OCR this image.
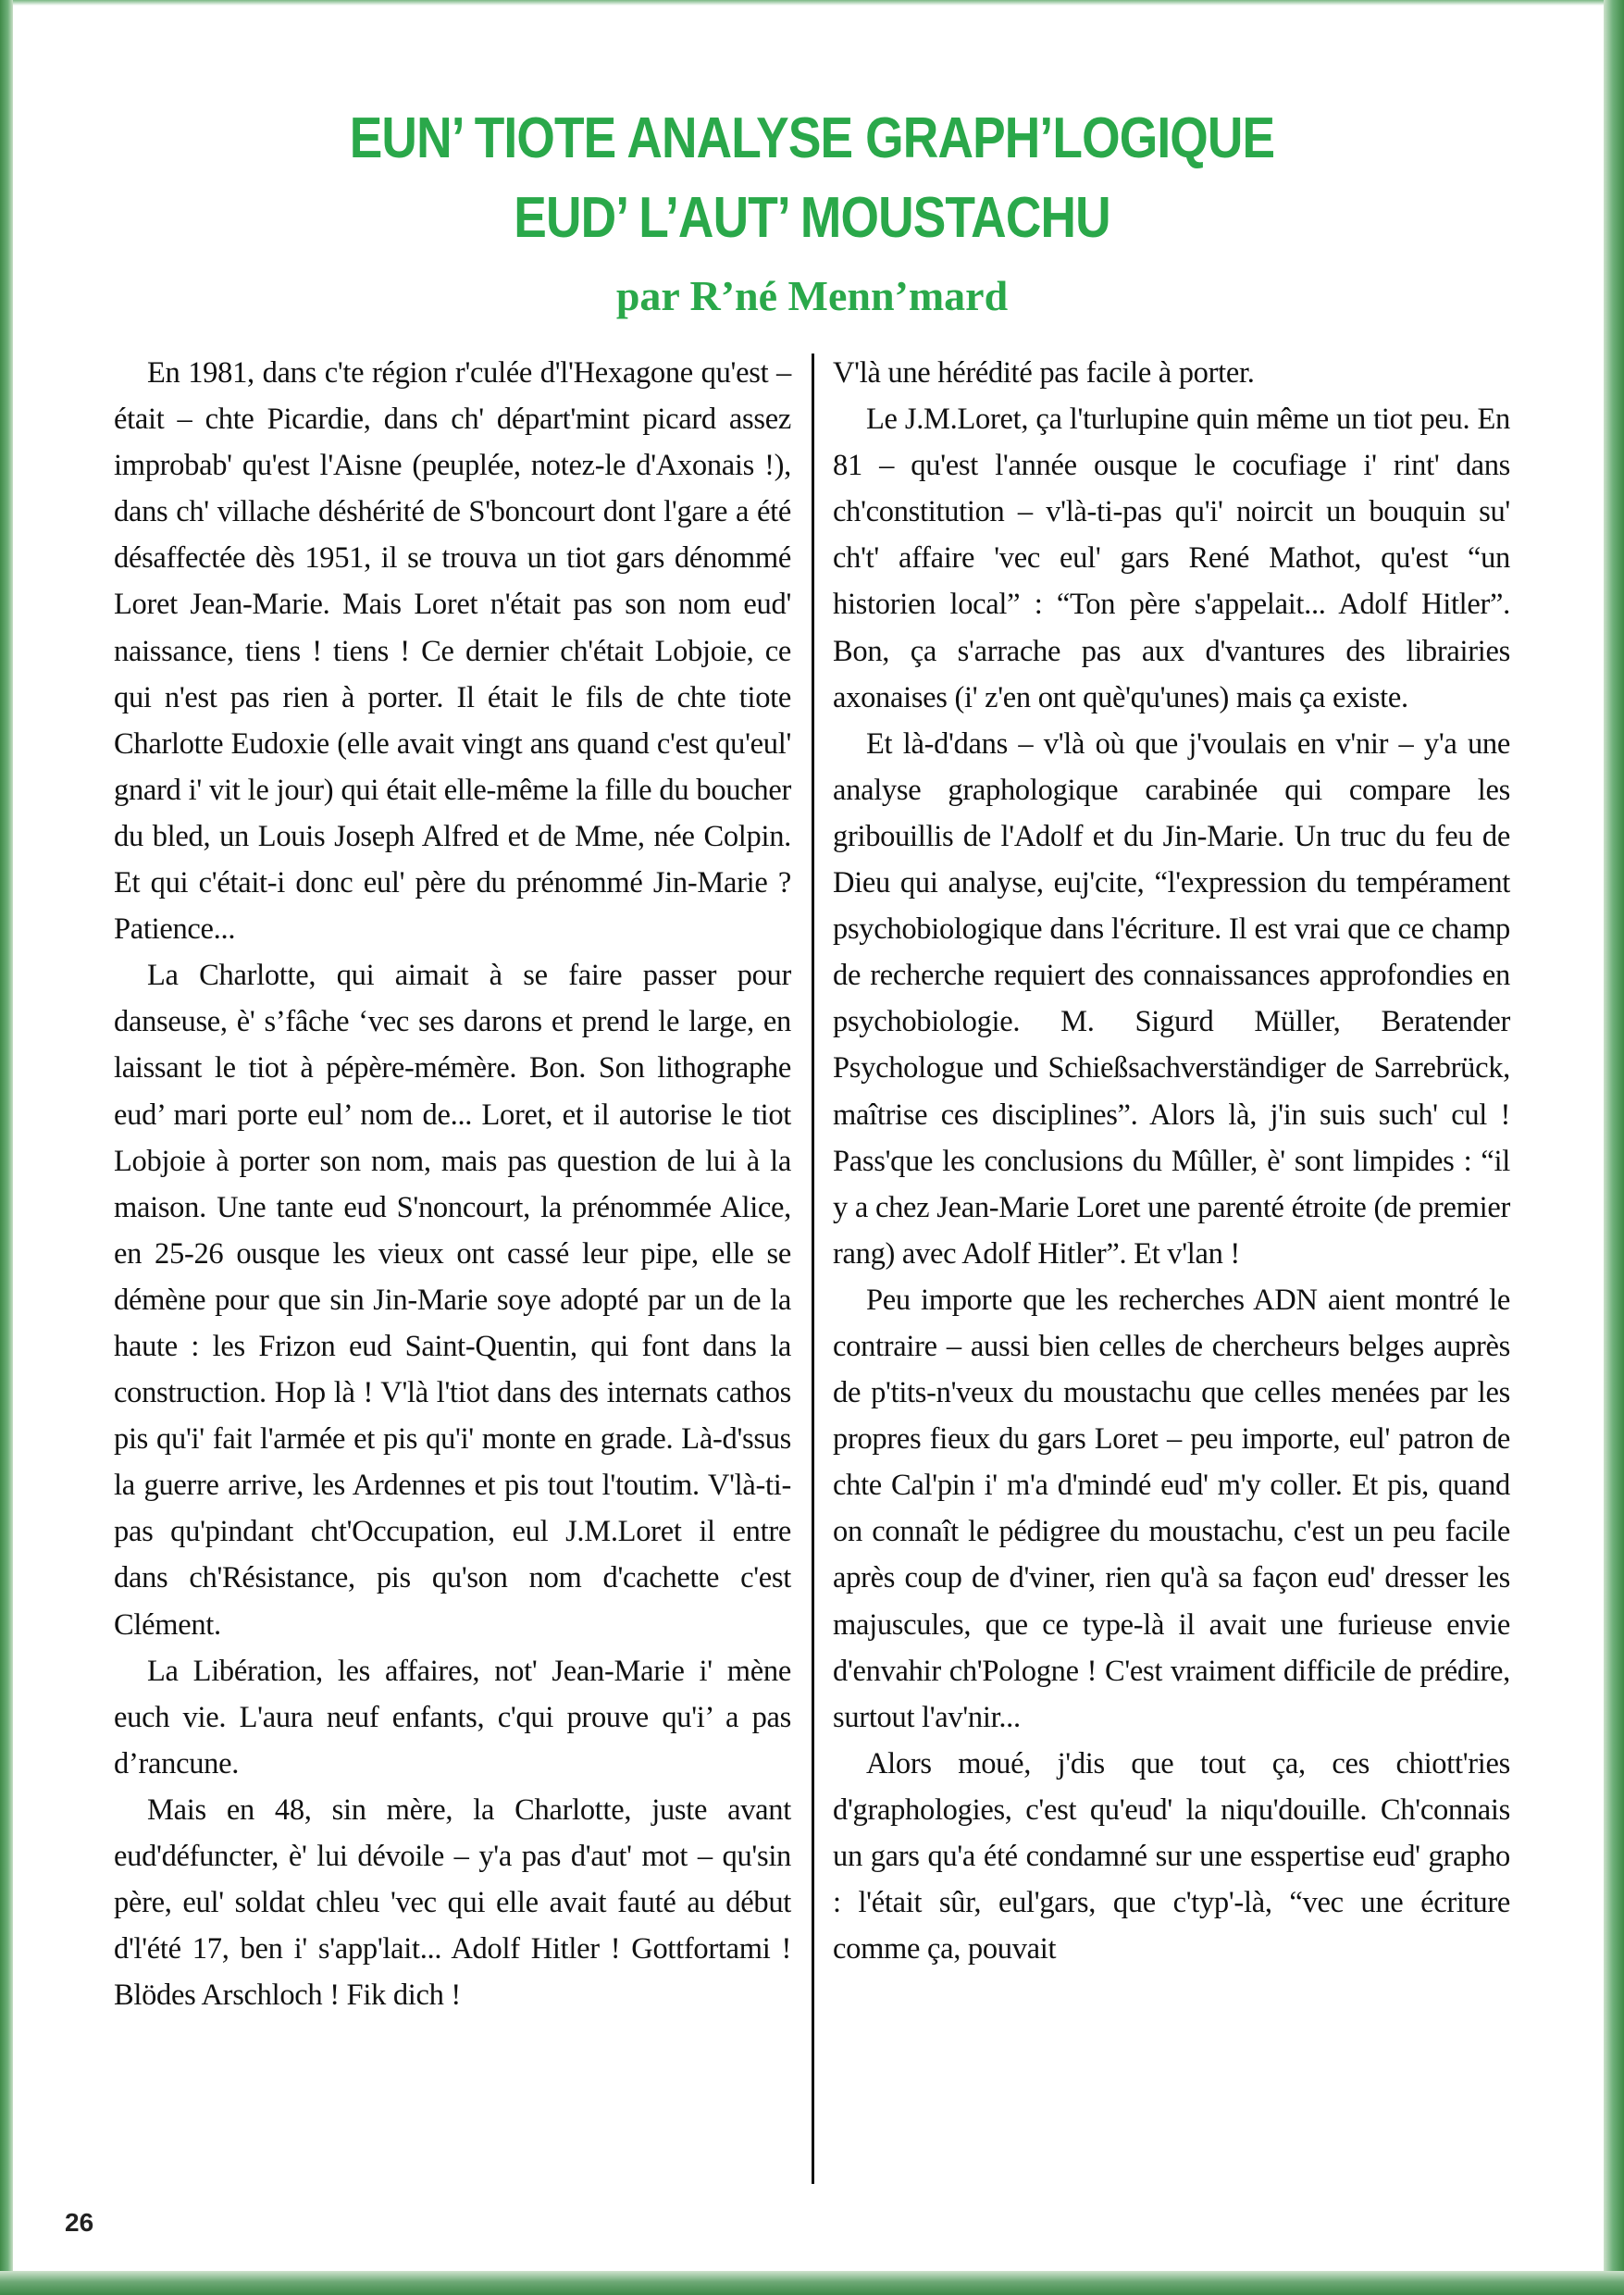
EUN’ TIOTE ANALYSE GRAPH’LOGIQUE
EUD’ L’AUT’ MOUSTACHU
par R’né Menn’mard

En 1981, dans c'te région r'culée d'l'Hexagone qu'est – était – chte Picardie, dans ch' départ'mint picard assez improbab' qu'est l'Aisne (peuplée, notez-le d'Axonais !), dans ch' villache déshérité de S'boncourt dont l'gare a été désaffectée dès 1951, il se trouva un tiot gars dénommé Loret Jean-Marie. Mais Loret n'était pas son nom eud' naissance, tiens ! tiens ! Ce dernier ch'était Lobjoie, ce qui n'est pas rien à porter. Il était le fils de chte tiote Charlotte Eudoxie (elle avait vingt ans quand c'est qu'eul' gnard i' vit le jour) qui était elle-même la fille du boucher du bled, un Louis Joseph Alfred et de Mme, née Colpin. Et qui c'était-i donc eul' père du prénommé Jin-Marie ? Patience...

La Charlotte, qui aimait à se faire passer pour danseuse, è' s’fâche ‘vec ses darons et prend le large, en laissant le tiot à pépère-mémère. Bon. Son lithographe eud’ mari porte eul’ nom de... Loret, et il autorise le tiot Lobjoie à porter son nom, mais pas question de lui à la maison. Une tante eud S'noncourt, la prénommée Alice, en 25-26 ousque les vieux ont cassé leur pipe, elle se démène pour que sin Jin-Marie soye adopté par un de la haute : les Frizon eud Saint-Quentin, qui font dans la construction. Hop là ! V'là l'tiot dans des internats cathos pis qu'i' fait l'armée et pis qu'i' monte en grade. Là-d'ssus la guerre arrive, les Ardennes et pis tout l'toutim. V'là-ti-pas qu'pindant cht'Occupation, eul J.M.Loret il entre dans ch'Résistance, pis qu'son nom d'cachette c'est Clément.

La Libération, les affaires, not' Jean-Marie i' mène euch vie. L'aura neuf enfants, c'qui prouve qu'i’ a pas d’rancune.

Mais en 48, sin mère, la Charlotte, juste avant eud'défuncter, è' lui dévoile – y'a pas d'aut' mot – qu'sin père, eul' soldat chleu 'vec qui elle avait fauté au début d'l'été 17, ben i' s'app'lait... Adolf Hitler ! Gottfortami ! Blödes Arschloch ! Fik dich !

V'là une hérédité pas facile à porter.

Le J.M.Loret, ça l'turlupine quin même un tiot peu. En 81 – qu'est l'année ousque le cocufiage i' rint' dans ch'constitution – v'là-ti-pas qu'i' noircit un bouquin su' ch't' affaire 'vec eul' gars René Mathot, qu'est “un historien local” : “Ton père s'appelait... Adolf Hitler”. Bon, ça s'arrache pas aux d'vantures des librairies axonaises (i' z'en ont què'qu'unes) mais ça existe.

Et là-d'dans – v'là où que j'voulais en v'nir – y'a une analyse graphologique carabinée qui compare les gribouillis de l'Adolf et du Jin-Marie. Un truc du feu de Dieu qui analyse, euj'cite, “l'expression du tempérament psychobiologique dans l'écriture. Il est vrai que ce champ de recherche requiert des connaissances approfondies en psychobiologie. M. Sigurd Müller, Beratender Psychologue und Schießsachverständiger de Sarrebrück, maîtrise ces disciplines”. Alors là, j'in suis such' cul ! Pass'que les conclusions du Mûller, è' sont limpides : “il y a chez Jean-Marie Loret une parenté étroite (de premier rang) avec Adolf Hitler”. Et v'lan !

Peu importe que les recherches ADN aient montré le contraire – aussi bien celles de chercheurs belges auprès de p'tits-n'veux du moustachu que celles menées par les propres fieux du gars Loret – peu importe, eul' patron de chte Cal'pin i' m'a d'mindé eud' m'y coller. Et pis, quand on connaît le pédigree du moustachu, c'est un peu facile après coup de d'viner, rien qu'à sa façon eud' dresser les majuscules, que ce type-là il avait une furieuse envie d'envahir ch'Pologne ! C'est vraiment difficile de prédire, surtout l'av'nir...

Alors moué, j'dis que tout ça, ces chiott'ries d'graphologies, c'est qu'eud' la niqu'douille. Ch'connais un gars qu'a été condamné sur une esspertise eud' grapho : l'était sûr, eul'gars, que c'typ'-là, “vec une écriture comme ça, pouvait

26
